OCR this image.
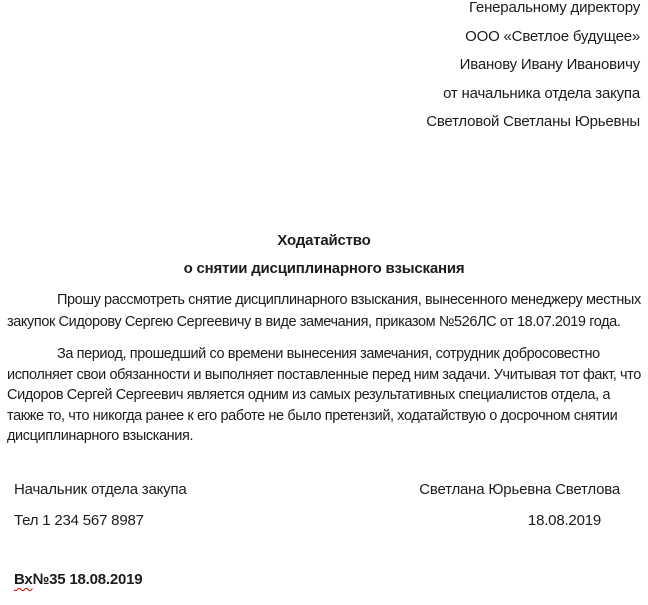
Генеральному директору
ООО «Светлое будущее»
Иванову Ивану Ивановичу
от начальника отдела закупа
Светловой Светланы Юрьевны
Ходатайство
о снятии дисциплинарного взыскания
Прошу рассмотреть снятие дисциплинарного взыскания, вынесенного менеджеру местных
закупок Сидорову Сергею Сергеевичу в виде замечания, приказом №526ЛС от 18.07.2019 года.
За период, прошедший со времени вынесения замечания, сотрудник добросовестно
исполняет свои обязанности и выполняет поставленные перед ним задачи. Учитывая тот факт, что
Сидоров Сергей Сергеевич является одним из самых результативных специалистов отдела, а
также то, что никогда ранее к его работе не было претензий, ходатайствую о досрочном снятии
дисциплинарного взыскания.
Начальник отдела закупа	Светлана Юрьевна Светлова
Тел 1 234 567 8987	18.08.2019
Вх№35 18.08.2019
